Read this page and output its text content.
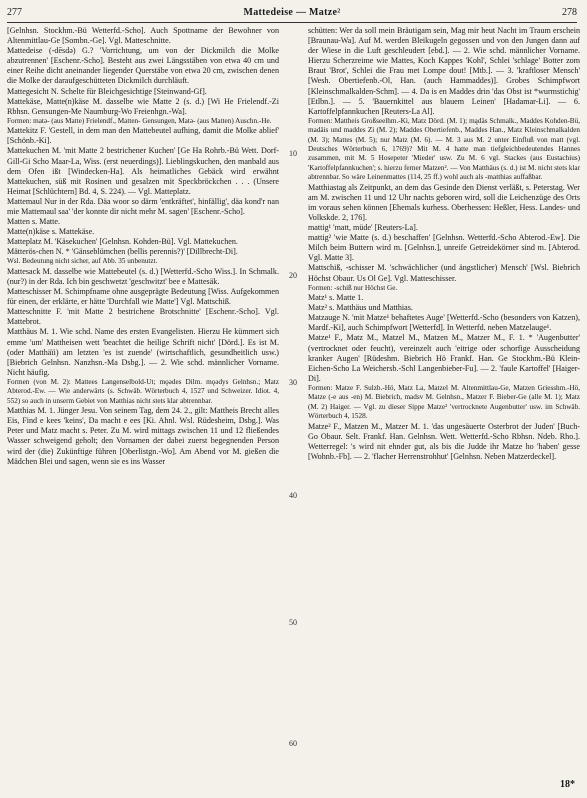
277	Mattedeise — Matze²	278

[Gelnhsn. Stockhm.-Bü Wetterfd.-Scho]. Auch Spottname der Bewohner von Altenmittlau-Ge [Sombn.-Ge]. Vgl. Matteschnitte.

Mattedeise (-dēsdə) G.? 'Vorrichtung, um von der Dickmilch die Molke abzutrennen' [Eschenr.-Scho]. Besteht aus zwei Längsstäben von etwa 40 cm und einer Reihe dicht aneinander liegender Querstäbe von etwa 20 cm, zwischen denen die Molke der daraufgeschütteten Dickmilch durchläuft.

Mattegesicht N. Schelte für Bleichgesichtige [Steinwand-Gf].

Mattekäse, Matte(n)käse M. dasselbe wie Matte 2 (s. d.) [Wi He Frielendf.-Zi Rbhsn. Gensungen-Me Naumburg-Wo Freienhgn.-Wa].

Formen: matə- (aus Matte) Frielendf., Matten- Gensungen, Matə- (aus Matten) Auschn.-He.

Mattekitz F. 'Gestell, in dem man den Mattebeutel aufhing, damit die Molke ablief' [Schönb.-Ki].

Mattekuchen M. 'mit Matte 2 bestrichener Kuchen' [Ge Ha Rohrb.-Bü Wett. Dorf-Gill-Gi Scho Maar-La, Wiss. (erst neuerdings)]. Lieblingskuchen, den manbald aus dem Ofen ißt [Windecken-Ha]. Als heimatliches Gebäck wird erwähnt Mattekuchen, süß mit Rosinen und gesalzen mit Speckbröckchen . . . (Unsere Heimat [Schlüchtern] Bd. 4, S. 224). — Vgl. Matteplatz.

Mattemaul Nur in der Rda. Däa woor so därm 'entkräftet', hinfällig', däa kond'r nan mie Mattemaul saa' 'der konnte dir nicht mehr M. sagen' [Eschenr.-Scho].

Matten s. Matte.

Matte(n)käse s. Mattekäse.

Matteplatz M. 'Käsekuchen' [Gelnhsn. Kohden-Bü]. Vgl. Mattekuchen.

Mätterös-chen N. * 'Gänseblümchen (bellis perennis?)' [Dillbrecht-Di].

Wsl. Bedeutung nicht sicher, auf Abb. 35 unbenutzt.

Mattesack M. dasselbe wie Mattebeutel (s. d.) [Wetterfd.-Scho Wiss.]. In Schmalk. (nur?) in der Rda. Ich bin geschwetzt 'geschwitzt' bee e Mattesäk.

Matteschisser M. Schimpfname ohne ausgeprägte Bedeutung [Wiss. Aufgekommen für einen, der erklärte, er hätte 'Durchfall wie Matte'] Vgl. Mattschiß.

Matteschnitte F. 'mit Matte 2 bestrichene Brotschnitte' [Eschenr.-Scho]. Vgl. Mattebrot.

Matthäus M. 1. Wie schd. Name des ersten Evangelisten. Hierzu He kümmert sich emme 'um' Mattheisen wett 'beachtet die heilige Schrift nicht' [Dörd.]. Es ist M. (oder Matthäïi) am letzten 'es ist zuende' (wirtschaftlich, gesundheitlich usw.) [Biebrich Gelnhsn. Nanzhsn.-Ma Dsbg.]. — 2. Wie schd. männlicher Vorname. Nicht häufig.

Formen (von M. 2): Mattees Langenselbold-Ut; mǫədes Dilm. mǫədys Gelnhsn.; Matz Abterod.-Ew. — Wie anderwärts (s. Schwäb. Wörterbuch 4, 1527 und Schweizer. Idiot. 4, 552) so auch in unserm Gebiet von Matthias nicht stets klar abtrennbar.

Matthias M. 1. Jünger Jesu. Von seinem Tag, dem 24. 2., gilt: Mattheis Brecht alles Eis, Find e kees 'keins', Da macht e ees [Ki. Ahnl. Wsl. Rüdesheim, Dsbg.]. Was Peter und Matz macht s. Peter. Zu M. wird mittags zwischen 11 und 12 fließendes Wasser schweigend geholt; den Vornamen der dabei zuerst begegnenden Person wird der (die) Zukünftige führen [Oberlistgn.-Wo]. Am Abend vor M. gießen die Mädchen Blei und sagen, wenn sie es ins Wasser

10
20
30
40
50
60

schütten: Wer da soll mein Bräutigam sein, Mag mir heut Nacht im Traum erschein [Braunau-Wa]. Auf M. werden Bleikugeln gegossen und von den Jungen dann auf der Wiese in die Luft geschleudert [ebd.]. — 2. Wie schd. männlicher Vorname. Hierzu Scherzreime wie Mattes, Koch Kappes 'Kohl', Schlei 'schlage' Botter zom Braut 'Brot', Schlei die Frau met Lompe dout! [Mtb.]. — 3. 'kraftloser Mensch' [Wesh. Obertiefenb.-Ol, Han. (auch Hammaddes)]. Grobes Schimpfwort [Kleinschmalkalden-Schm]. — 4. Da is en Maddes drin 'das Obst ist *wurmstichig' [Etlbn.]. — 5. 'Bauernkittel aus blauem Leinen' [Hadamar-Li]. — 6. Kartoffelpfannkuchen [Reuters-La Al].

Formen: Mattheis Großseelhm.-Ki, Matz Dörd. (M. 1); mądäs Schmalk., Maddes Kohden-Bü, madäis und maddes Zi (M. 2); Maddes Obertiefenb., Maddes Han., Matz Kleinschmalkalden (M. 3); Mattes (M. 5); nur Matz (M. 6). — M. 3 aus M. 2 unter Einfluß von matt (vgl. Deutsches Wörterbuch 6, 1769)? Mit M. 4 hatte man tiefgleichbedeutendes Hannes zusammen, mit M. 5 Hosepeter 'Mieder' usw. Zu M. 6 vgl. Stackes (aus Eustachius) 'Kartoffelpfannkuchen'; s. hierzu ferner Matzen². — Von Matthäus (s. d.) ist M. nicht stets klar abtrennbar. So wäre Leinenmattes (114, 25 ff.) wohl auch als -matthias auffaßbar.

Matthiastag als Zeitpunkt, an dem das Gesinde den Dienst verläßt, s. Peterstag. Wer am M. zwischen 11 und 12 Uhr nachts geboren wird, soll die Leichenzüge des Orts im voraus sehen können [Ehemals kurhess. Oberhessen: Heßler, Hess. Landes- und Volkskde. 2, 176].

mattig¹ 'matt, müde' [Reuters-La].

mattig² 'wie Matte (s. d.) beschaffen' [Gelnhsn. Wetterfd.-Scho Abterod.-Ew]. Die Milch beim Buttern wird m. [Gelnhsn.], unreife Getreidekörner sind m. [Abterod. Vgl. Matte 3].

Mattschiß, -schisser M. 'schwächlicher (und ängstlicher) Mensch' [Wsl. Biebrich Höchst Obaur. Us Ol Ge]. Vgl. Matteschisser.

Formen: -schiß nur Höchst Ge.

Matz¹ s. Matte 1.

Matz² s. Matthäus und Matthias.

Matzauge N. 'mit Matze¹ behaftetes Auge' [Wetterfd.-Scho (besonders von Katzen), Mardf.-Ki], auch Schimpfwort [Wetterfd]. In Wetterfd. neben Matzelauge¹.

Matze¹ F., Matz M., Matzel M., Matzen M., Matzer M., F. 1. * 'Augenbutter' (vertrocknet oder feucht), vereinzelt auch 'eitrige oder schorfige Ausscheidung kranker Augen' [Rüdeshm. Biebrich Hö Frankf. Han. Ge Stockhm.-Bü Klein-Eichen-Scho La Weichersb.-Schl Langenbieber-Fu]. — 2. 'faule Kartoffel' [Haiger-Di].

Formen: Matze F. Sulzb.-Hö, Matz La, Matzel M. Altenmittlau-Ge, Matzen Griesshm.-Hö, Matze (-e aus -en) M. Biebrich, madsv M. Gelnhsn., Matzer F. Bieber-Ge (alle M. 1); Matz (M. 2) Haiger. — Vgl. zu dieser Sippe Matze² 'vertrocknete Augenbutter' usw. im Schwäb. Wörterbuch 4, 1528.

Matze² F., Matzen M., Matzer M. 1. 'das ungesäuerte Osterbrot der Juden' [Buch-Go Obaur. Selt. Frankf. Han. Gelnhsn. Wett. Wetterfd.-Scho Rbhsn. Ndeb. Rho.]. Wetterregel: 's wird nit ehnder gut, als bis die Judde ihr Matze ho 'haben' gesse [Wohnb.-Fb]. — 2. 'flacher Herrenstrohhut' [Gelnhsn. Neben Matzerdeckel].

18*
